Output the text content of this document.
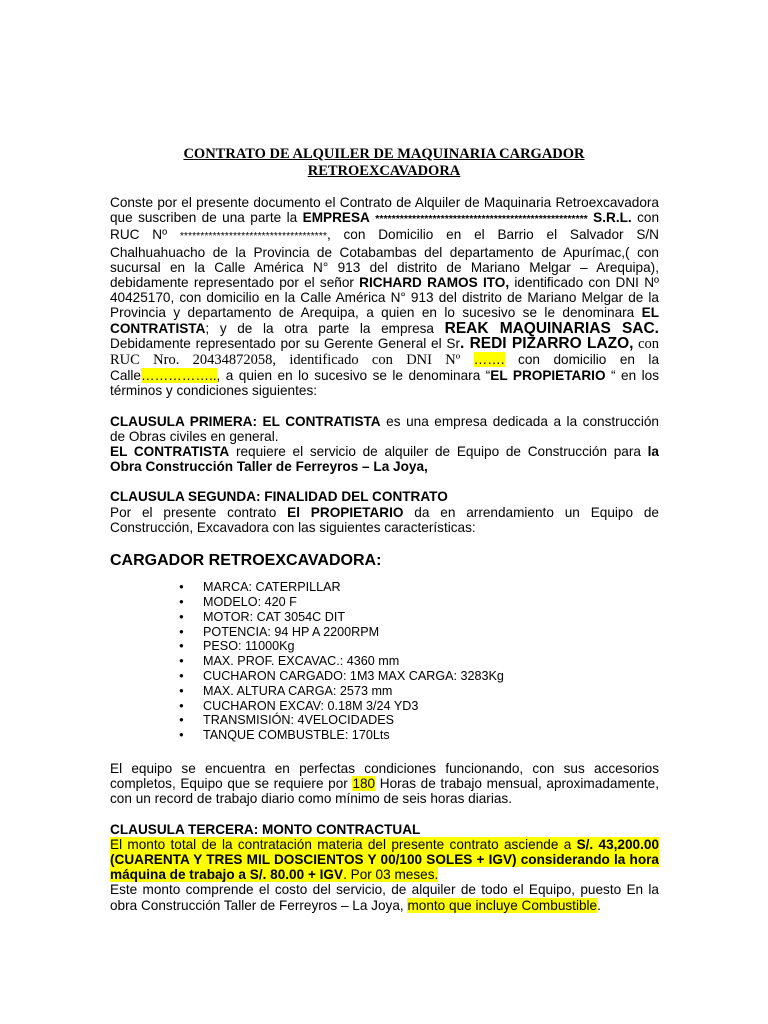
CONTRATO DE ALQUILER DE MAQUINARIA CARGADOR
RETROEXCAVADORA

Conste por el presente documento el Contrato de Alquiler de Maquinaria Retroexcavadora que suscriben de una parte la EMPRESA **************************************************** S.R.L. con RUC Nº ************************************, con Domicilio en el Barrio el Salvador S/N Chalhuahuacho de la Provincia de Cotabambas del departamento de Apurímac,( con sucursal en la Calle América N° 913 del distrito de Mariano Melgar – Arequipa), debidamente representado por el señor RICHARD RAMOS ITO, identificado con DNI Nº 40425170, con domicilio en la Calle América N° 913 del distrito de Mariano Melgar de la Provincia y departamento de Arequipa, a quien en lo sucesivo se le denominara EL CONTRATISTA; y de la otra parte la empresa REAK MAQUINARIAS SAC. Debidamente representado por su Gerente General el Sr. REDI PIZARRO LAZO, con RUC Nro. 20434872058, identificado con DNI Nº ……. con domicilio en la Calle…………….., a quien en lo sucesivo se le denominara “EL PROPIETARIO “ en los términos y condiciones siguientes:

CLAUSULA PRIMERA: EL CONTRATISTA es una empresa dedicada a la construcción de Obras civiles en general.

EL CONTRATISTA requiere el servicio de alquiler de Equipo de Construcción para la Obra Construcción Taller de Ferreyros – La Joya,

CLAUSULA SEGUNDA: FINALIDAD DEL CONTRATO

Por el presente contrato El PROPIETARIO da en arrendamiento un Equipo de Construcción, Excavadora con las siguientes características:

CARGADOR RETROEXCAVADORA:

● MARCA: CATERPILLAR
● MODELO: 420 F
● MOTOR: CAT 3054C DIT
● POTENCIA: 94 HP A 2200RPM
● PESO: 11000Kg
● MAX. PROF. EXCAVAC.: 4360 mm
● CUCHARON CARGADO: 1M3 MAX CARGA: 3283Kg
● MAX. ALTURA CARGA: 2573 mm
● CUCHARON EXCAV: 0.18M 3/24 YD3
● TRANSMISIÓN: 4VELOCIDADES
● TANQUE COMBUSTBLE: 170Lts

El equipo se encuentra en perfectas condiciones funcionando, con sus accesorios completos, Equipo que se requiere por 180 Horas de trabajo mensual, aproximadamente, con un record de trabajo diario como mínimo de seis horas diarias.

CLAUSULA TERCERA: MONTO CONTRACTUAL

El monto total de la contratación materia del presente contrato asciende a S/. 43,200.00 (CUARENTA Y TRES MIL DOSCIENTOS Y 00/100 SOLES + IGV) considerando la hora máquina de trabajo a S/. 80.00 + IGV. Por 03 meses.

Este monto comprende el costo del servicio, de alquiler de todo el Equipo, puesto En la obra Construcción Taller de Ferreyros – La Joya, monto que incluye Combustible.
